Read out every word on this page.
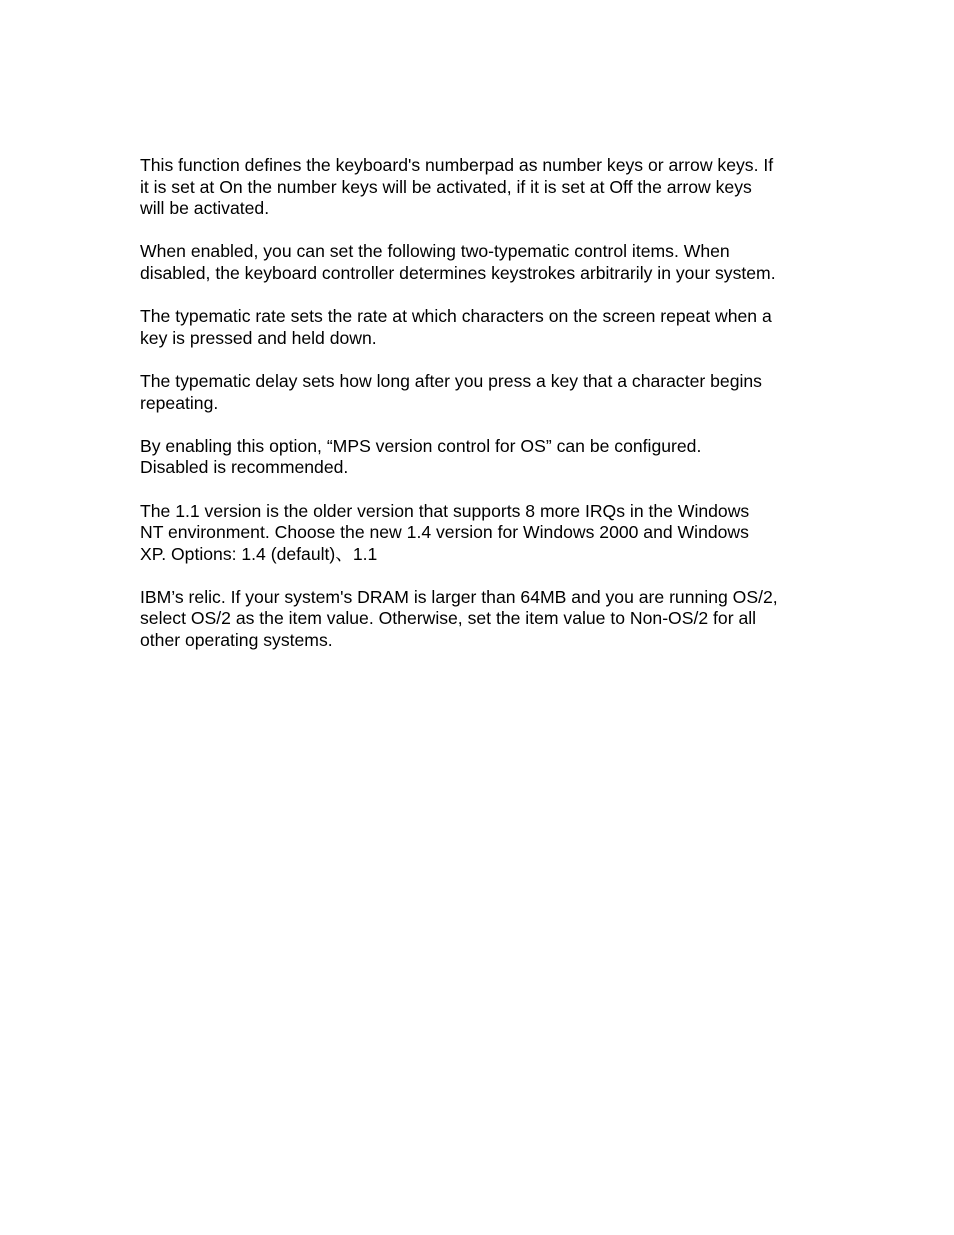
This function defines the keyboard's numberpad as number keys or arrow keys. If
it is set at On the number keys will be activated, if it is set at Off the arrow keys
will be activated.

When enabled, you can set the following two-typematic control items. When
disabled, the keyboard controller determines keystrokes arbitrarily in your system.

The typematic rate sets the rate at which characters on the screen repeat when a
key is pressed and held down.

The typematic delay sets how long after you press a key that a character begins
repeating.

By enabling this option, “MPS version control for OS” can be configured.
Disabled is recommended.

The 1.1 version is the older version that supports 8 more IRQs in the Windows
NT environment. Choose the new 1.4 version for Windows 2000 and Windows
XP. Options: 1.4 (default)、1.1

IBM’s relic. If your system's DRAM is larger than 64MB and you are running OS/2,
select OS/2 as the item value. Otherwise, set the item value to Non-OS/2 for all
other operating systems.
